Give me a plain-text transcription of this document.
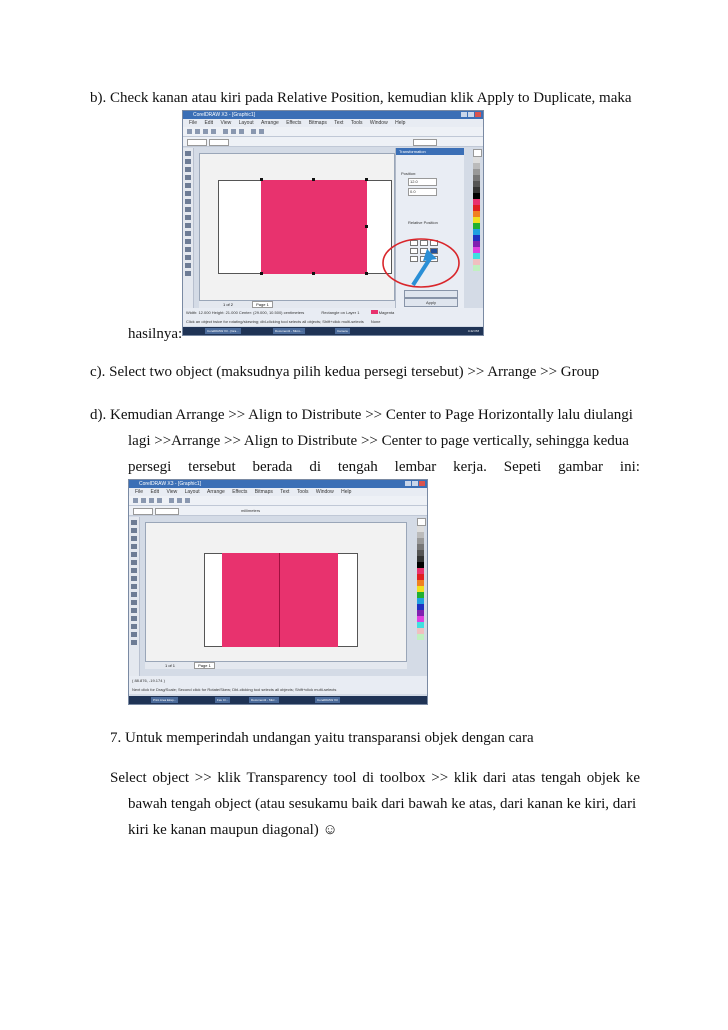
b). Check kanan atau kiri pada Relative Position, kemudian klik Apply to Duplicate, maka
CorelDRAW X3 - [Graphic1]
File Edit View Layout Arrange Effects Bitmaps Text Tools Window Help
1 of 2	Page 1
Transformation
Position:
12.0
0.0
Relative Position
Apply
Width: 12.000 Height: 21.000 Center: (29.000, 10.500) centimeters	Rectangle on Layer 1	Magenta
Click an object twice for rotating/skewing; dbl-clicking tool selects all objects; Shift+click multi-selects None
CorelDRAW X3 - [Gra...	Document1 - Micro...	Camera	4:42 PM
hasilnya:
c). Select two object (maksudnya pilih kedua persegi tersebut) >> Arrange >> Group
d). Kemudian Arrange >> Align to Distribute >> Center to Page Horizontally lalu diulangi
lagi >>Arrange >> Align to Distribute >> Center to page vertically, sehingga kedua
persegi tersebut berada di tengah lembar kerja. Sepeti gambar ini:
CorelDRAW X3 - [Graphic1]
File Edit View Layout Arrange Effects Bitmaps Text Tools Window Help
millimeters
1 of 1	Page 1
( 88.876, -19.174 )
Next click for Drag/Scale; Second click for Rotate/Skew; Dbl-clicking tool selects all objects; Shift+click multi-selects
Print Area Eksp...	Fav Cr...	Document1 - Micr...	CorelDRAW X3
7. Untuk memperindah undangan yaitu transparansi objek dengan cara
Select object >> klik Transparency tool di toolbox >> klik dari atas tengah objek ke
bawah tengah object (atau sesukamu baik dari bawah ke atas, dari kanan ke kiri, dari
kiri ke kanan maupun diagonal) ☺
